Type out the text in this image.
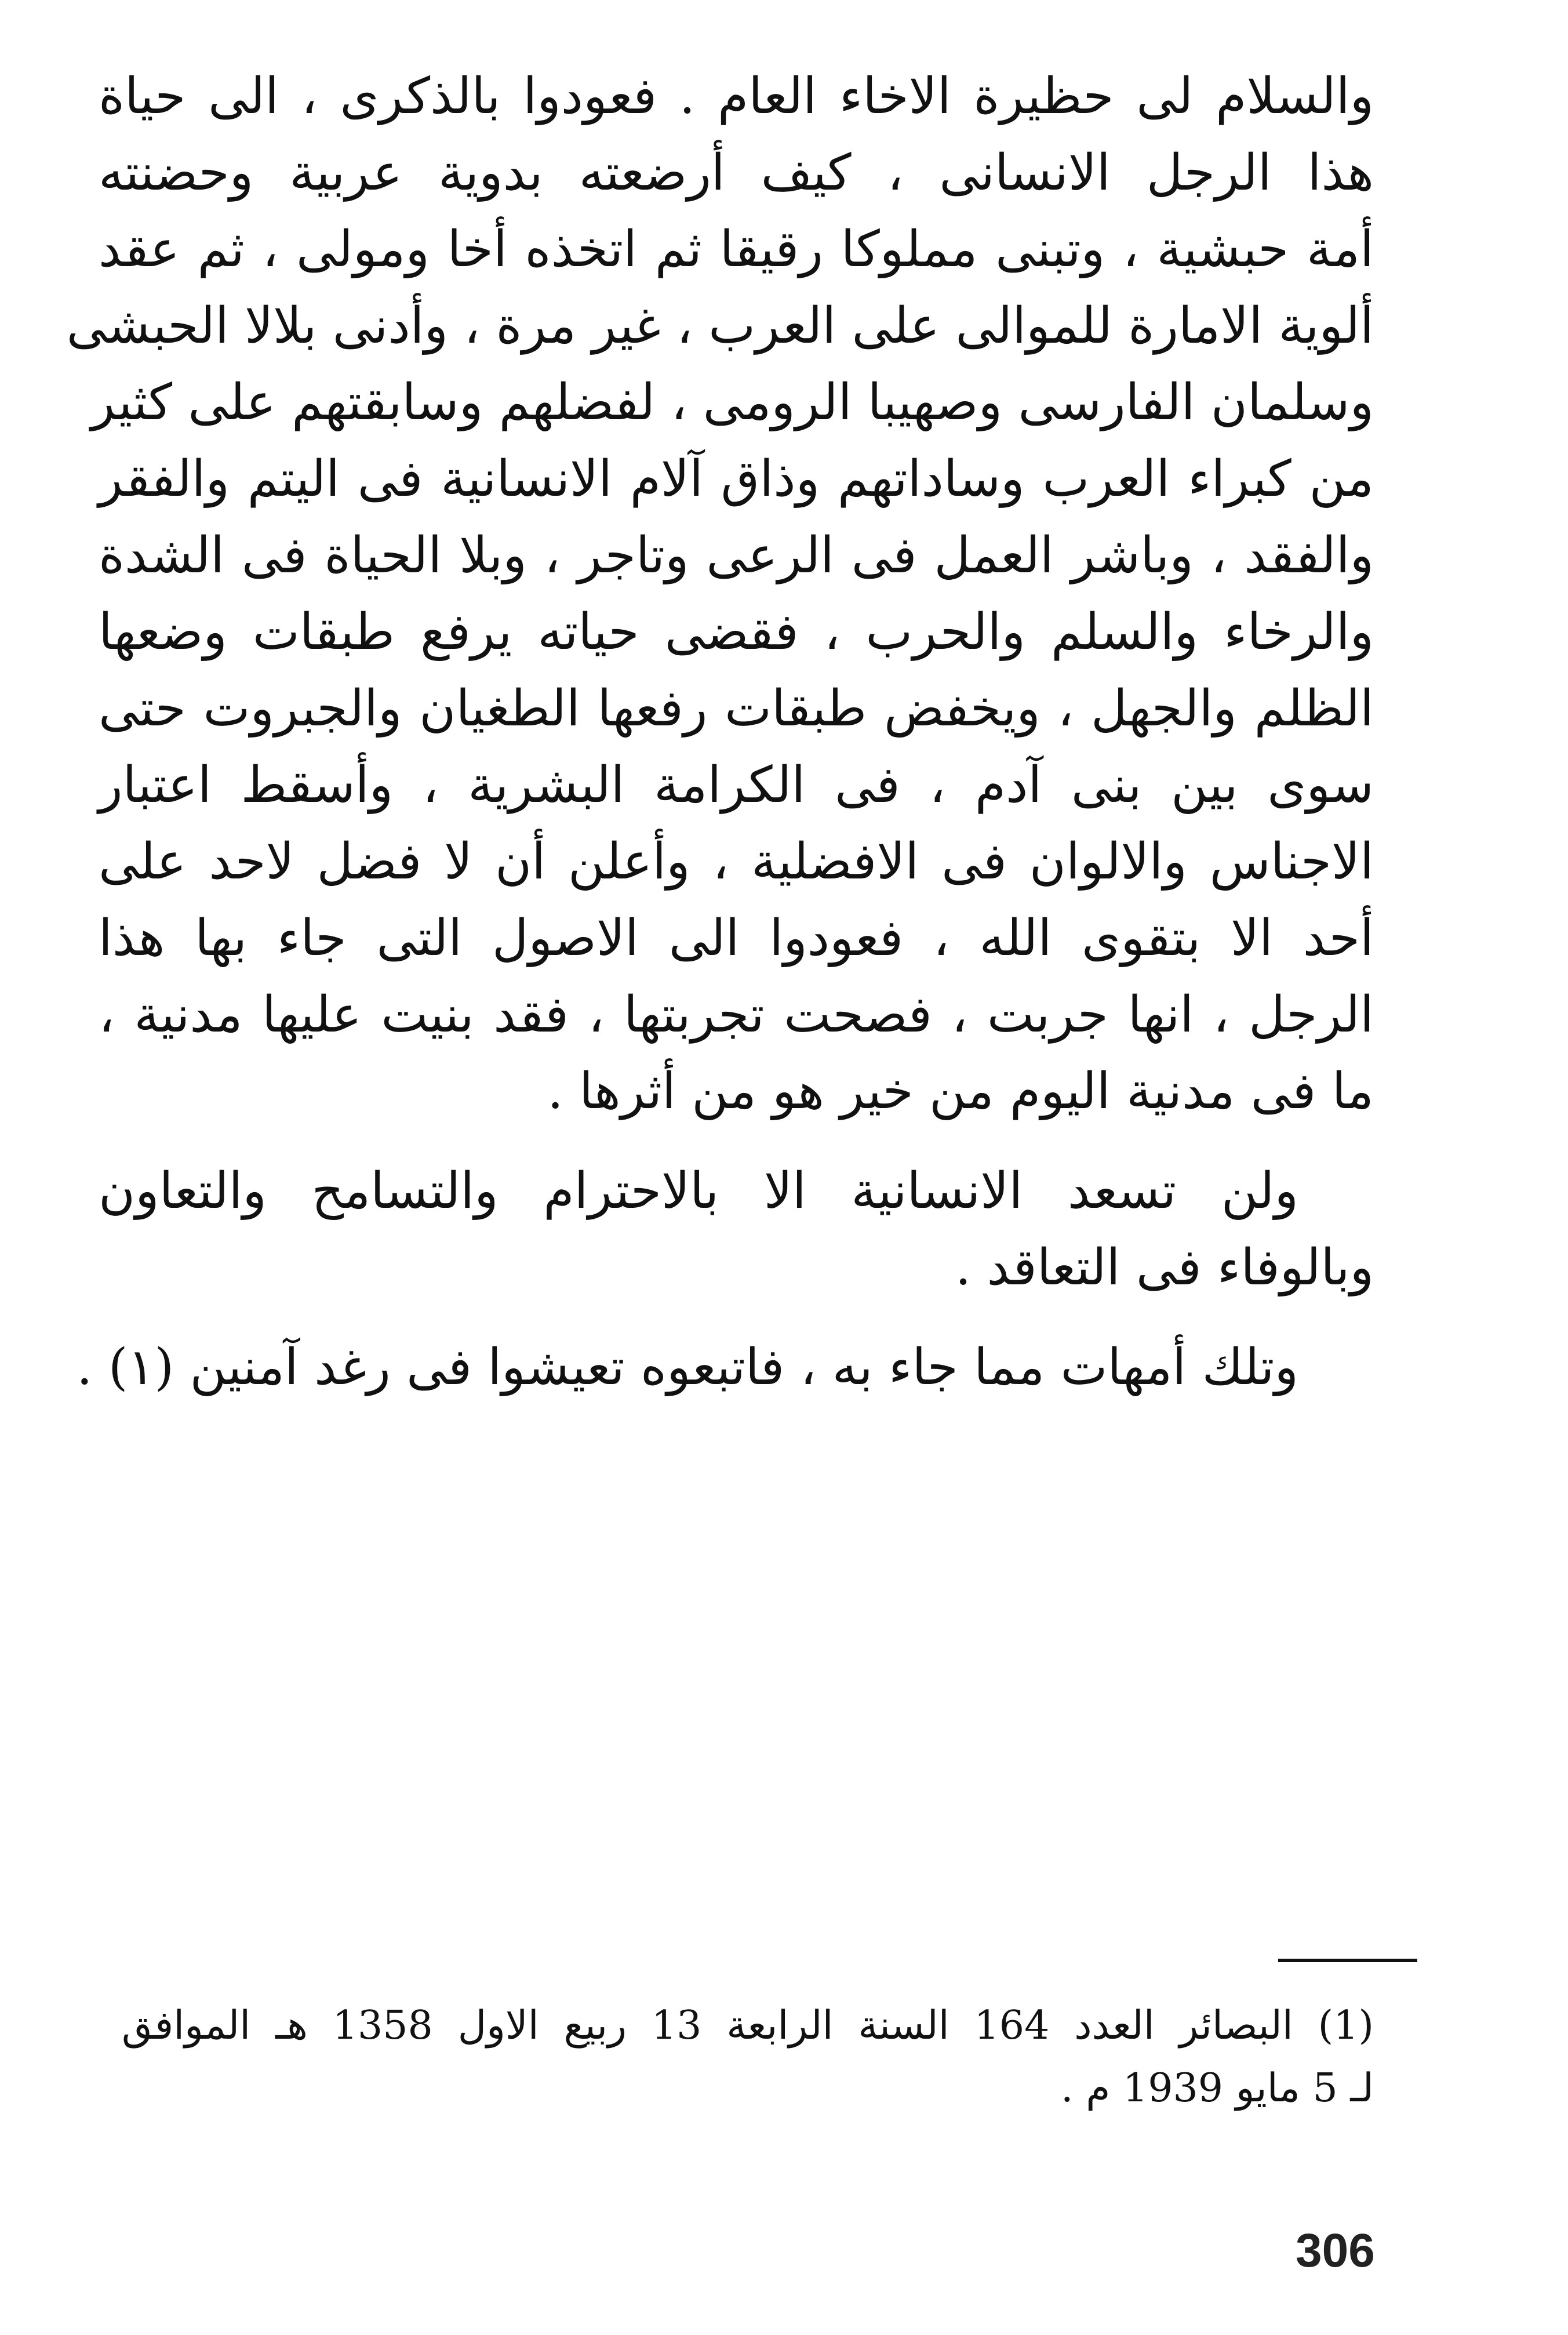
والسلام لى حظيرة الاخاء العام . فعودوا بالذكرى ، الى حياة
هذا الرجل الانسانى ، كيف أرضعته بدوية عربية وحضنته
أمة حبشية ، وتبنى مملوكا رقيقا ثم اتخذه أخا ومولى ، ثم عقد
ألوية الامارة للموالى على العرب ، غير مرة ، وأدنى بلالا الحبشى
وسلمان الفارسى وصهيبا الرومى ، لفضلهم وسابقتهم على كثير
من كبراء العرب وساداتهم وذاق آلام الانسانية فى اليتم والفقر
والفقد ، وباشر العمل فى الرعى وتاجر ، وبلا الحياة فى الشدة
والرخاء والسلم والحرب ، فقضى حياته يرفع طبقات وضعها
الظلم والجهل ، ويخفض طبقات رفعها الطغيان والجبروت حتى
سوى بين بنى آدم ، فى الكرامة البشرية ، وأسقط اعتبار
الاجناس والالوان فى الافضلية ، وأعلن أن لا فضل لاحد على
أحد الا بتقوى الله ، فعودوا الى الاصول التى جاء بها هذا
الرجل ، انها جربت ، فصحت تجربتها ، فقد بنيت عليها مدنية ،
ما فى مدنية اليوم من خير هو من أثرها .
ولن تسعد الانسانية الا بالاحترام والتسامح والتعاون
وبالوفاء فى التعاقد .
وتلك أمهات مما جاء به ، فاتبعوه تعيشوا فى رغد آمنين (١) .
(1) البصائر العدد 164 السنة الرابعة 13 ربيع الاول 1358 هـ الموافق
لـ 5 مايو 1939 م .
306
